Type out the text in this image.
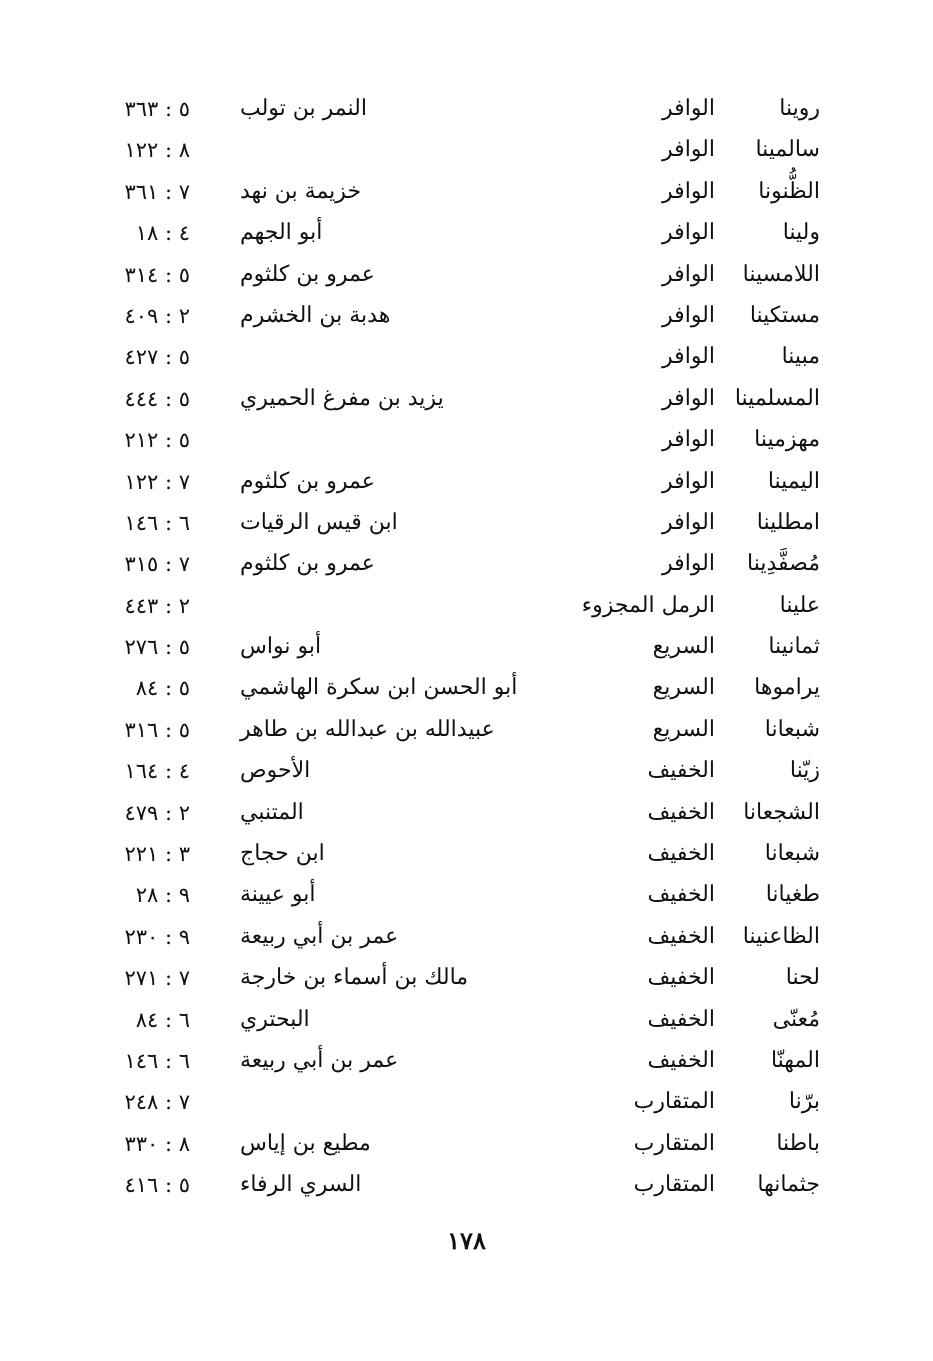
روينا
الوافر
النمر بن تولب
٥ : ٣٦٣
سالمينا
الوافر
٨ : ١٢٢
الظُّنونا
الوافر
خزيمة بن نهد
٧ : ٣٦١
ولينا
الوافر
أبو الجهم
٤ : ١٨
اللامسينا
الوافر
عمرو بن كلثوم
٥ : ٣١٤
مستكينا
الوافر
هدبة بن الخشرم
٢ : ٤٠٩
مبينا
الوافر
٥ : ٤٢٧
المسلمينا
الوافر
يزيد بن مفرغ الحميري
٥ : ٤٤٤
مهزمينا
الوافر
٥ : ٢١٢
اليمينا
الوافر
عمرو بن كلثوم
٧ : ١٢٢
امطلينا
الوافر
ابن قيس الرقيات
٦ : ١٤٦
مُصفَّدِينا
الوافر
عمرو بن كلثوم
٧ : ٣١٥
علينا
الرمل المجزوء
٢ : ٤٤٣
ثمانينا
السريع
أبو نواس
٥ : ٢٧٦
يراموها
السريع
أبو الحسن ابن سكرة الهاشمي
٥ : ٨٤
شبعانا
السريع
عبيدالله بن عبدالله بن طاهر
٥ : ٣١٦
زيّنا
الخفيف
الأحوص
٤ : ١٦٤
الشجعانا
الخفيف
المتنبي
٢ : ٤٧٩
شبعانا
الخفيف
ابن حجاج
٣ : ٢٢١
طغيانا
الخفيف
أبو عيينة
٩ : ٢٨
الظاعنينا
الخفيف
عمر بن أبي ربيعة
٩ : ٢٣٠
لحنا
الخفيف
مالك بن أسماء بن خارجة
٧ : ٢٧١
مُعنّى
الخفيف
البحتري
٦ : ٨٤
المهنّا
الخفيف
عمر بن أبي ربيعة
٦ : ١٤٦
برّنا
المتقارب
٧ : ٢٤٨
باطنا
المتقارب
مطيع بن إياس
٨ : ٣٣٠
جثمانها
المتقارب
السري الرفاء
٥ : ٤١٦
١٧٨
